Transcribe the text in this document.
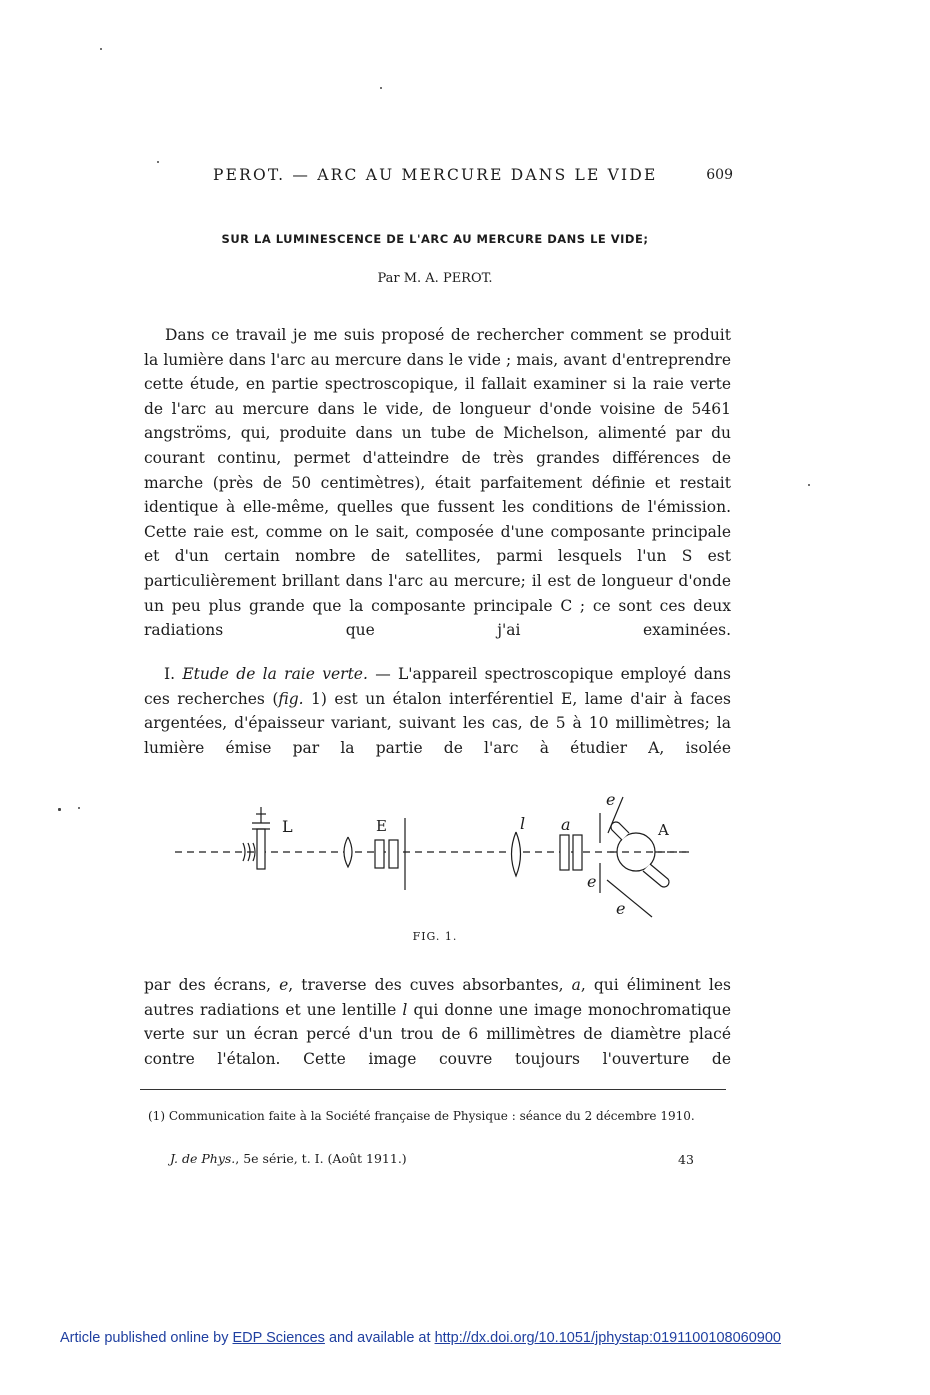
PEROT. — ARC AU MERCURE DANS LE VIDE	609
SUR LA LUMINESCENCE DE L'ARC AU MERCURE DANS LE VIDE;
Par M. A. PEROT.
Dans ce travail je me suis proposé de rechercher comment se produit la lumière dans l'arc au mercure dans le vide ; mais, avant d'entreprendre cette étude, en partie spectroscopique, il fallait examiner si la raie verte de l'arc au mercure dans le vide, de longueur d'onde voisine de 5461 angströms, qui, produite dans un tube de Michelson, alimenté par du courant continu, permet d'atteindre de très grandes différences de marche (près de 50 centimètres), était parfaitement définie et restait identique à elle-même, quelles que fussent les conditions de l'émission. Cette raie est, comme on le sait, composée d'une composante principale et d'un certain nombre de satellites, parmi lesquels l'un S est particulièrement brillant dans l'arc au mercure; il est de longueur d'onde un peu plus grande que la composante principale C ; ce sont ces deux radiations que j'ai examinées.
I. Etude de la raie verte. — L'appareil spectroscopique employé dans ces recherches (fig. 1) est un étalon interférentiel E, lame d'air à faces argentées, d'épaisseur variant, suivant les cas, de 5 à 10 millimètres; la lumière émise par la partie de l'arc à étudier A, isolée
L	E	l a	A
e
e
e
FIG. 1.
par des écrans, e, traverse des cuves absorbantes, a, qui éliminent les autres radiations et une lentille l qui donne une image monochromatique verte sur un écran percé d'un trou de 6 millimètres de diamètre placé contre l'étalon. Cette image couvre toujours l'ouverture de
(1) Communication faite à la Société française de Physique : séance du 2 décembre 1910.
J. de Phys., 5e série, t. I. (Août 1911.)	43
Article published online by EDP Sciences and available at http://dx.doi.org/10.1051/jphystap:0191100108060900
